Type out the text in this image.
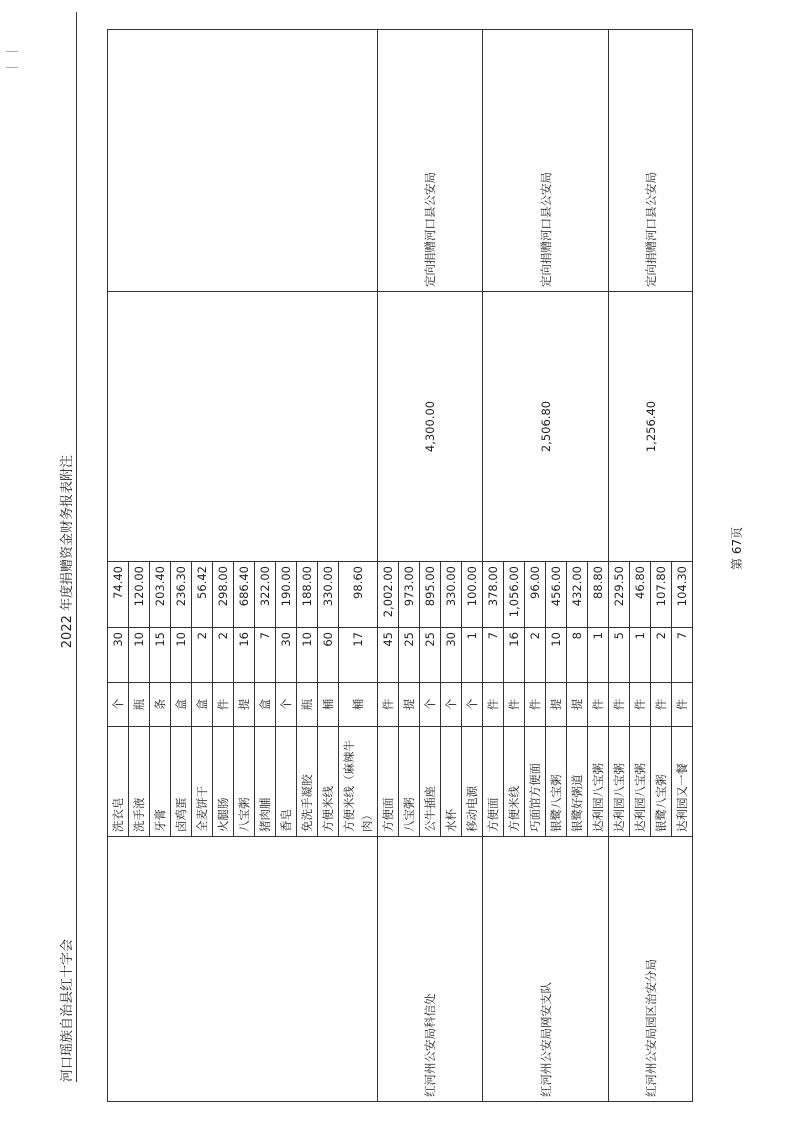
河口瑶族自治县红十字会
2022 年度捐赠资金财务报表附注
	洗衣皂	个	30	74.40		
	洗手液	瓶	10	120.00		
	牙膏	条	15	203.40		
	卤鸡蛋	盒	10	236.30		
	全麦饼干	盒	2	56.42		
	火腿肠	件	2	298.00		
	八宝粥	提	16	686.40		
	猪肉脯	盒	7	322.00		
	香皂	个	30	190.00		
	免洗手凝胶	瓶	10	188.00		
	方便米线	桶	60	330.00		
	方便米线（麻辣牛肉）	桶	17	98.60		
红河州公安局科信处	方便面	件	45	2,002.00	4,300.00	定向捐赠河口县公安局
	八宝粥	提	25	973.00		
	公牛插座	个	25	895.00		
	水杯	个	30	330.00		
	移动电源	个	1	100.00		
红河州公安局网安支队	方便面	件	7	378.00	2,506.80	定向捐赠河口县公安局
	方便米线	件	16	1,056.00		
	巧面馆方便面	件	2	96.00		
	银鹭八宝粥	提	10	456.00		
	银鹭好粥道	提	8	432.00		
	达利园八宝粥	件	1	88.80		
红河州公安局园区治安分局	达利园八宝粥	件	5	229.50	1,256.40	定向捐赠河口县公安局
	达利园八宝粥	件	1	46.80		
	银鹭八宝粥	件	2	107.80		
	达利园又一餐	件	7	104.30		
第 67页
